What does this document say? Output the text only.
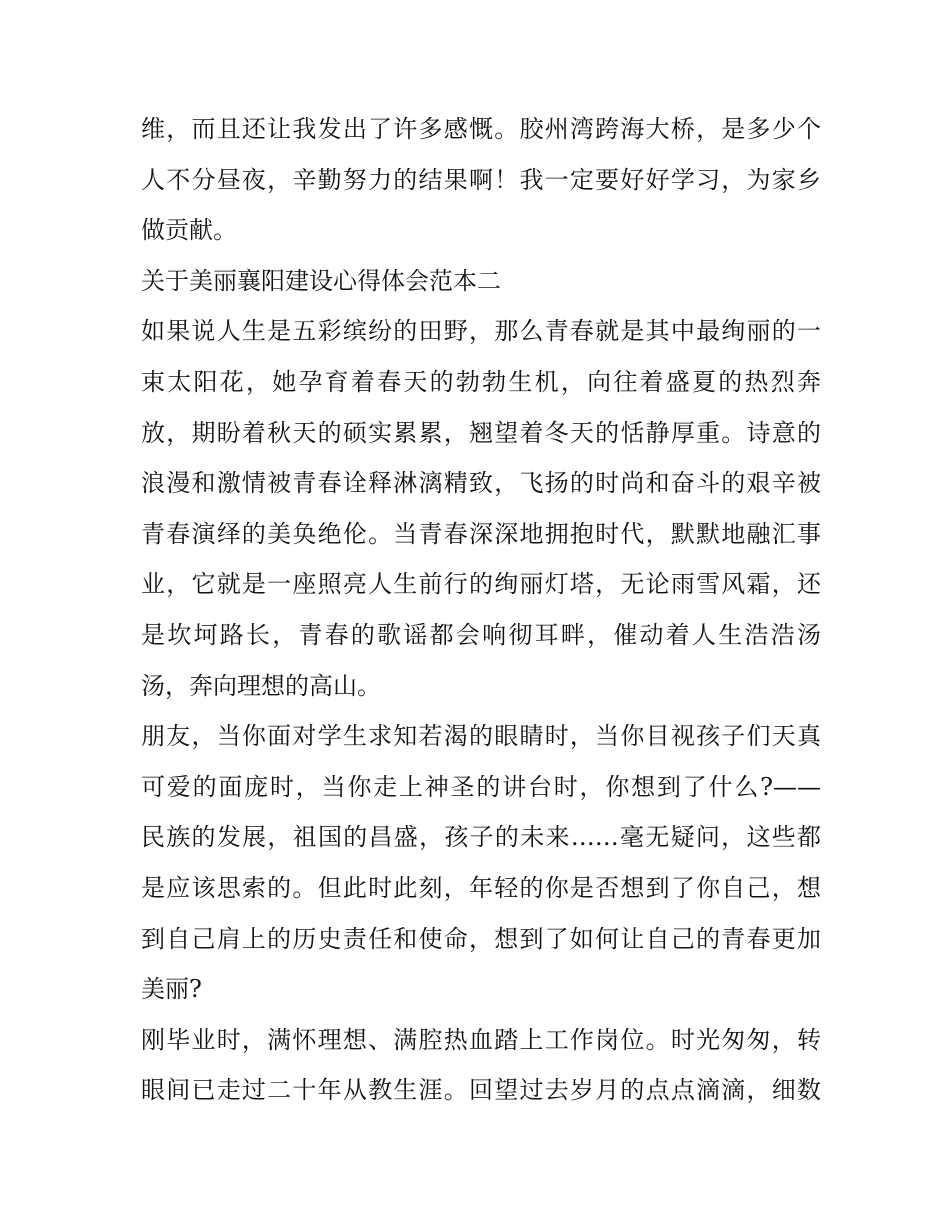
维，而且还让我发出了许多感慨。胶州湾跨海大桥，是多少个
人不分昼夜，辛勤努力的结果啊！我一定要好好学习，为家乡
做贡献。
关于美丽襄阳建设心得体会范本二
如果说人生是五彩缤纷的田野，那么青春就是其中最绚丽的一
束太阳花，她孕育着春天的勃勃生机，向往着盛夏的热烈奔
放，期盼着秋天的硕实累累，翘望着冬天的恬静厚重。诗意的
浪漫和激情被青春诠释淋漓精致，飞扬的时尚和奋斗的艰辛被
青春演绎的美奂绝伦。当青春深深地拥抱时代，默默地融汇事
业，它就是一座照亮人生前行的绚丽灯塔，无论雨雪风霜，还
是坎坷路长，青春的歌谣都会响彻耳畔，催动着人生浩浩汤
汤，奔向理想的高山。
朋友，当你面对学生求知若渴的眼睛时，当你目视孩子们天真
可爱的面庞时，当你走上神圣的讲台时，你想到了什么?——
民族的发展，祖国的昌盛，孩子的未来……毫无疑问，这些都
是应该思索的。但此时此刻，年轻的你是否想到了你自己，想
到自己肩上的历史责任和使命，想到了如何让自己的青春更加
美丽?
刚毕业时，满怀理想、满腔热血踏上工作岗位。时光匆匆，转
眼间已走过二十年从教生涯。回望过去岁月的点点滴滴，细数
